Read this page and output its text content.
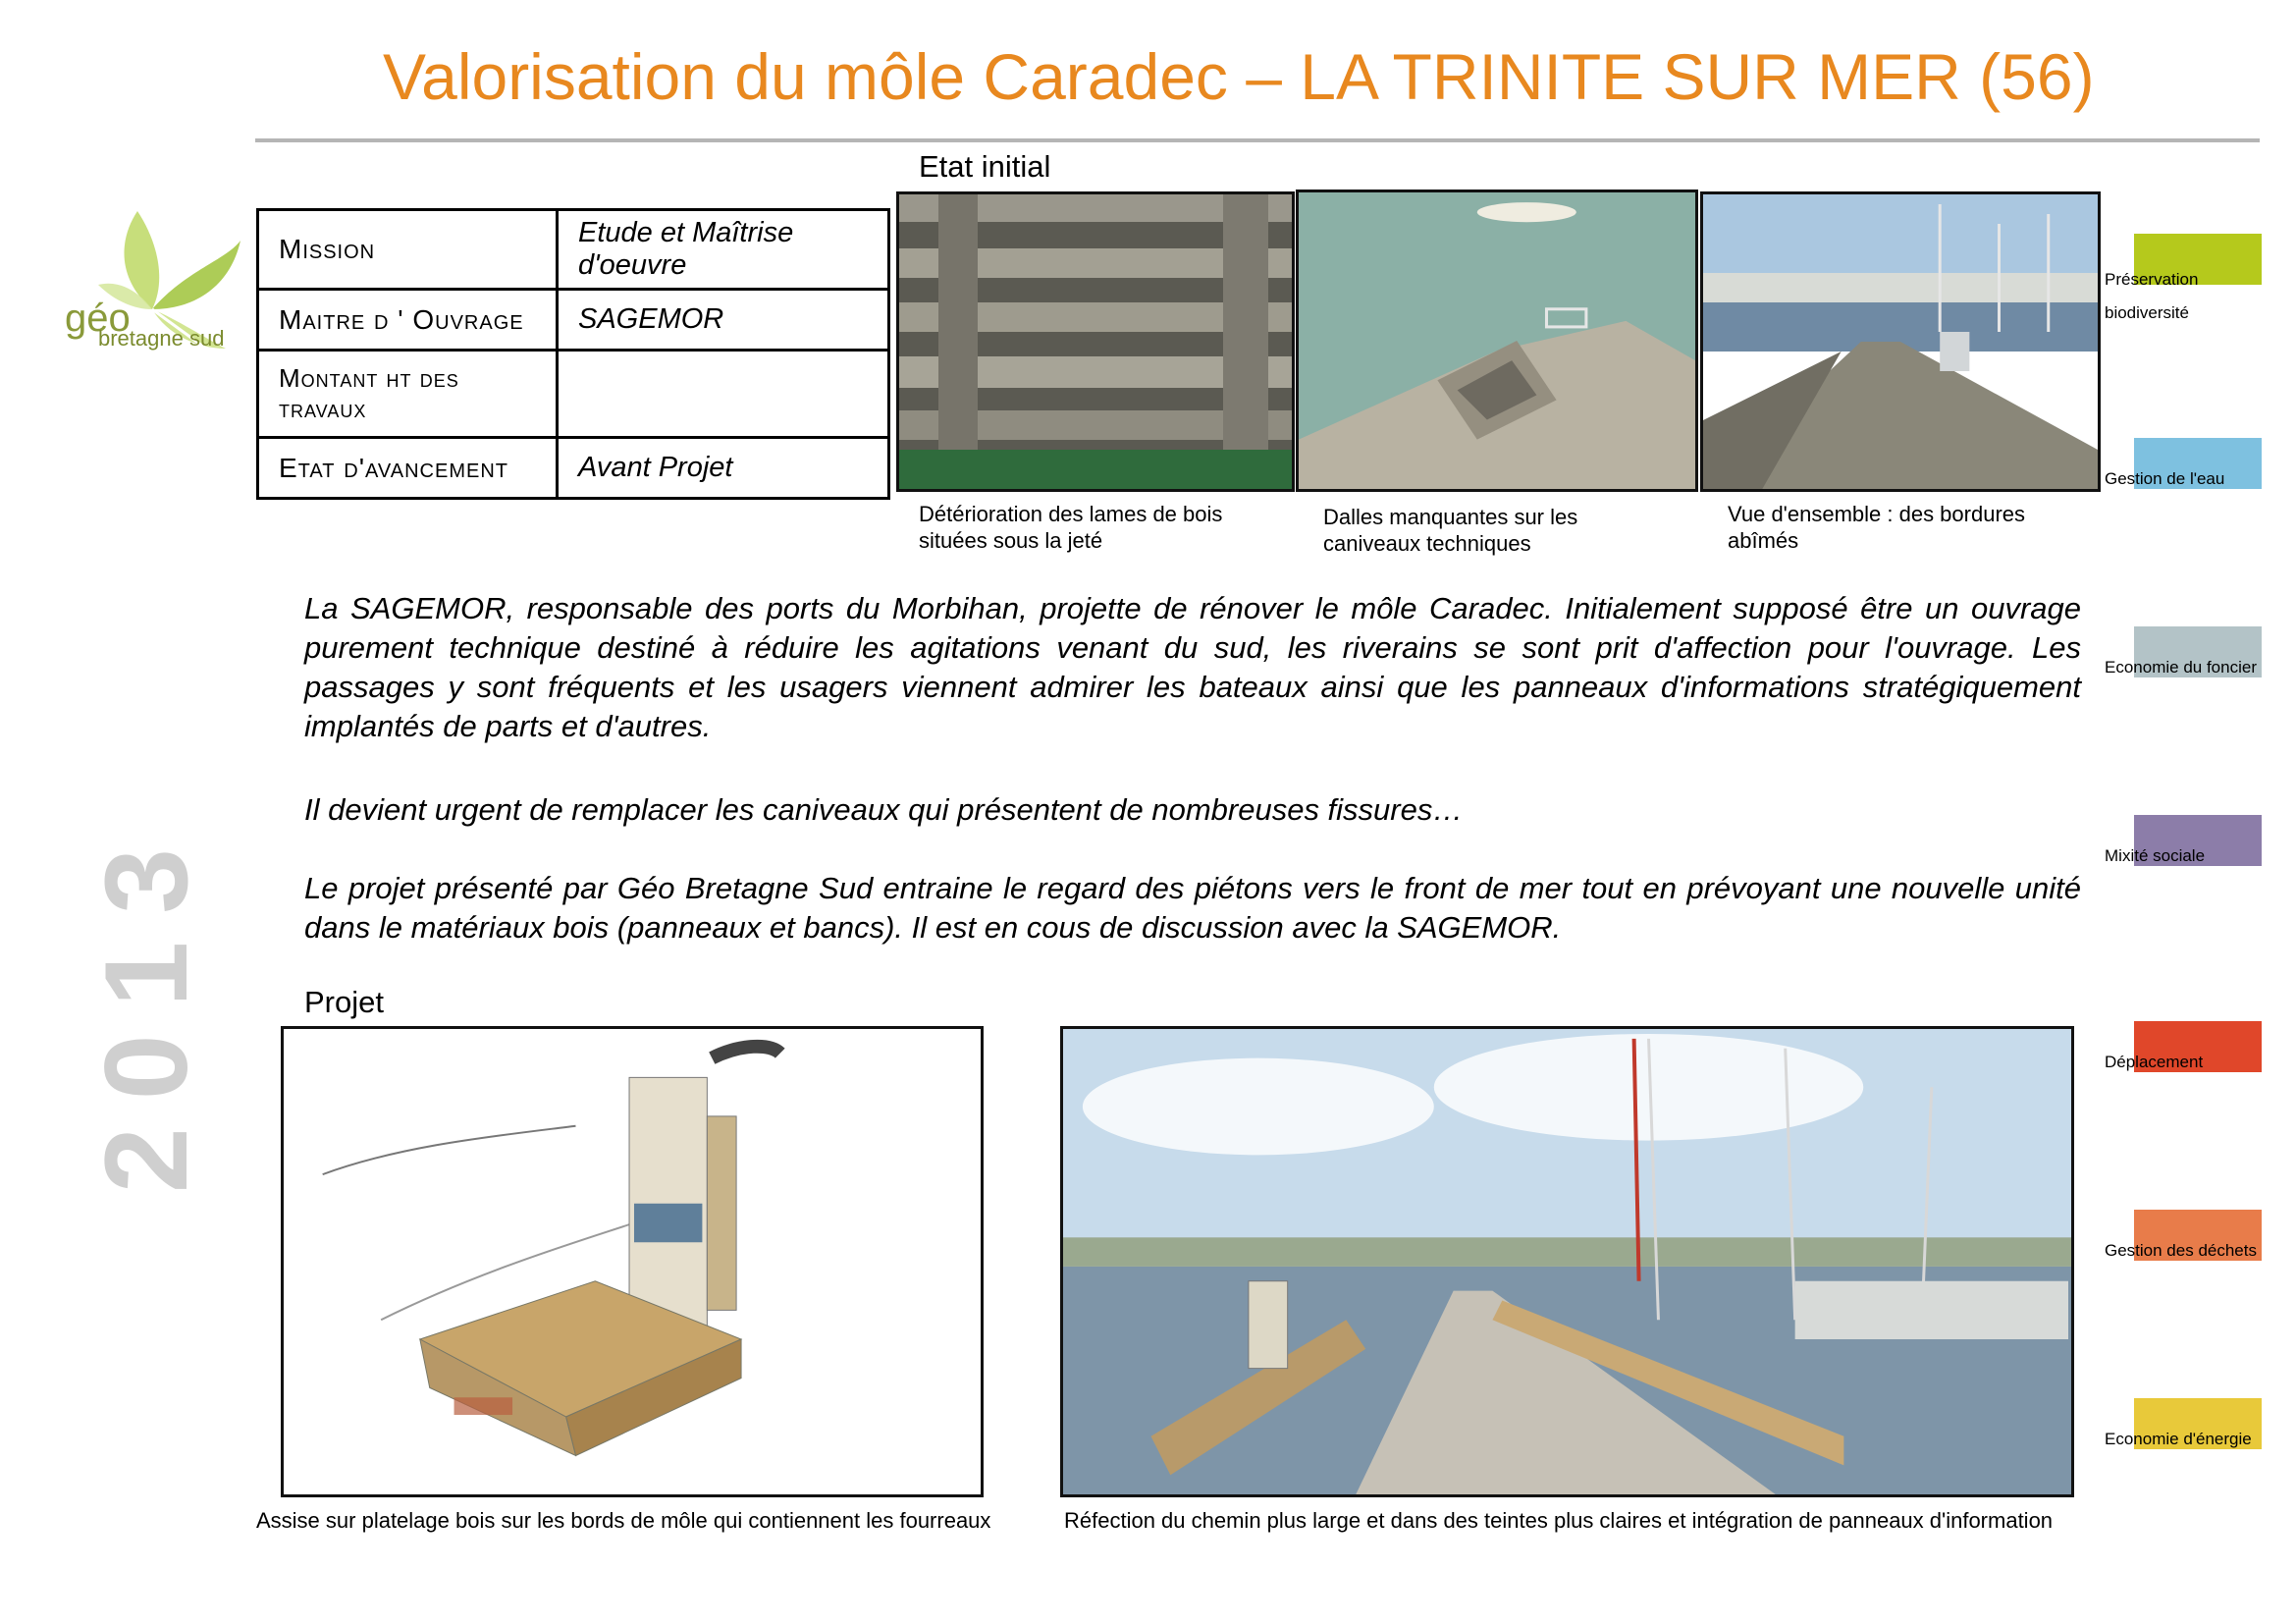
Valorisation du môle Caradec – LA TRINITE SUR MER (56)
géo
bretagne sud
2013
Mission	Etude et Maîtrise d'oeuvre
Maitre d ' Ouvrage	SAGEMOR
Montant ht des travaux	
Etat d'avancement	Avant Projet
Etat initial
Détérioration des lames de bois
situées sous la jeté
Dalles manquantes sur les
caniveaux techniques
Vue d'ensemble : des bordures
abîmés
La SAGEMOR, responsable des ports du Morbihan, projette de rénover le môle Caradec. Initialement supposé être un ouvrage purement technique destiné à réduire les agitations venant du sud, les riverains se sont prit d'affection pour l'ouvrage. Les passages y sont fréquents et les usagers viennent admirer les bateaux ainsi que les panneaux d'informations stratégiquement implantés de parts et d'autres.
Il devient urgent de remplacer les caniveaux qui présentent de nombreuses fissures…
Le projet présenté par Géo Bretagne Sud entraine le regard des piétons vers le front de mer tout en prévoyant une nouvelle unité dans le matériaux bois (panneaux et bancs). Il est en cous de discussion avec la SAGEMOR.
Projet
Assise sur platelage bois sur les bords de môle qui contiennent les fourreaux	Réfection du chemin plus large et dans des teintes plus claires et intégration de panneaux d'information
Préservation
biodiversité
Gestion de l'eau
Economie du foncier
Mixité sociale
Déplacement
Gestion des déchets
Economie d'énergie
